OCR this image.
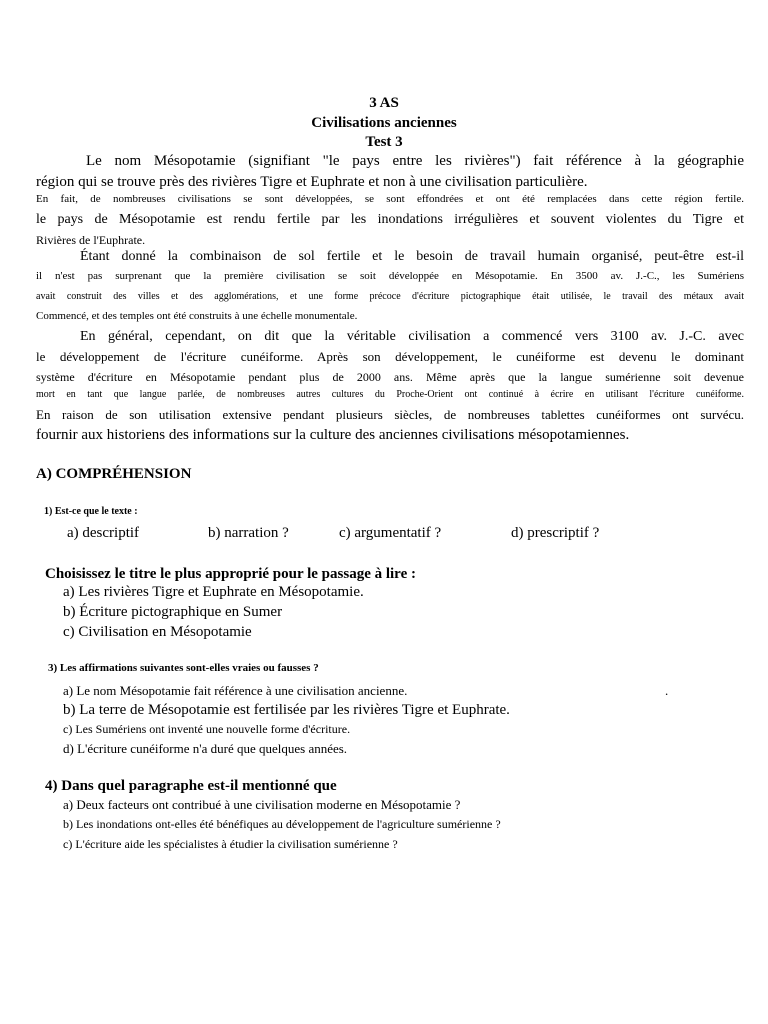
3 AS
Civilisations anciennes
Test 3
Le nom Mésopotamie (signifiant "le pays entre les rivières") fait référence à la géographie
région qui se trouve près des rivières Tigre et Euphrate et non à une civilisation particulière.
En fait, de nombreuses civilisations se sont développées, se sont effondrées et ont été remplacées dans cette région fertile.
le pays de Mésopotamie est rendu fertile par les inondations irrégulières et souvent violentes du Tigre et
Rivières de l'Euphrate.
Étant donné la combinaison de sol fertile et le besoin de travail humain organisé, peut-être est-il
il n'est pas surprenant que la première civilisation se soit développée en Mésopotamie. En 3500 av. J.-C., les Sumériens
avait construit des villes et des agglomérations, et une forme précoce d'écriture pictographique était utilisée, le travail des métaux avait
Commencé, et des temples ont été construits à une échelle monumentale.
En général, cependant, on dit que la véritable civilisation a commencé vers 3100 av. J.-C. avec
le développement de l'écriture cunéiforme. Après son développement, le cunéiforme est devenu le dominant
système d'écriture en Mésopotamie pendant plus de 2000 ans. Même après que la langue sumérienne soit devenue
mort en tant que langue parlée, de nombreuses autres cultures du Proche-Orient ont continué à écrire en utilisant l'écriture cunéiforme.
En raison de son utilisation extensive pendant plusieurs siècles, de nombreuses tablettes cunéiformes ont survécu.
fournir aux historiens des informations sur la culture des anciennes civilisations mésopotamiennes.
A) COMPRÉHENSION
1) Est-ce que le texte :
a) descriptif	b) narration ?	c) argumentatif ?	d) prescriptif ?
Choisissez le titre le plus approprié pour le passage à lire :
a) Les rivières Tigre et Euphrate en Mésopotamie.
b) Écriture pictographique en Sumer
c) Civilisation en Mésopotamie
3) Les affirmations suivantes sont-elles vraies ou fausses ?
a) Le nom Mésopotamie fait référence à une civilisation ancienne.	.
b) La terre de Mésopotamie est fertilisée par les rivières Tigre et Euphrate.
c) Les Sumériens ont inventé une nouvelle forme d'écriture.
d) L'écriture cunéiforme n'a duré que quelques années.
4) Dans quel paragraphe est-il mentionné que
a) Deux facteurs ont contribué à une civilisation moderne en Mésopotamie ?
b) Les inondations ont-elles été bénéfiques au développement de l'agriculture sumérienne ?
c) L'écriture aide les spécialistes à étudier la civilisation sumérienne ?
